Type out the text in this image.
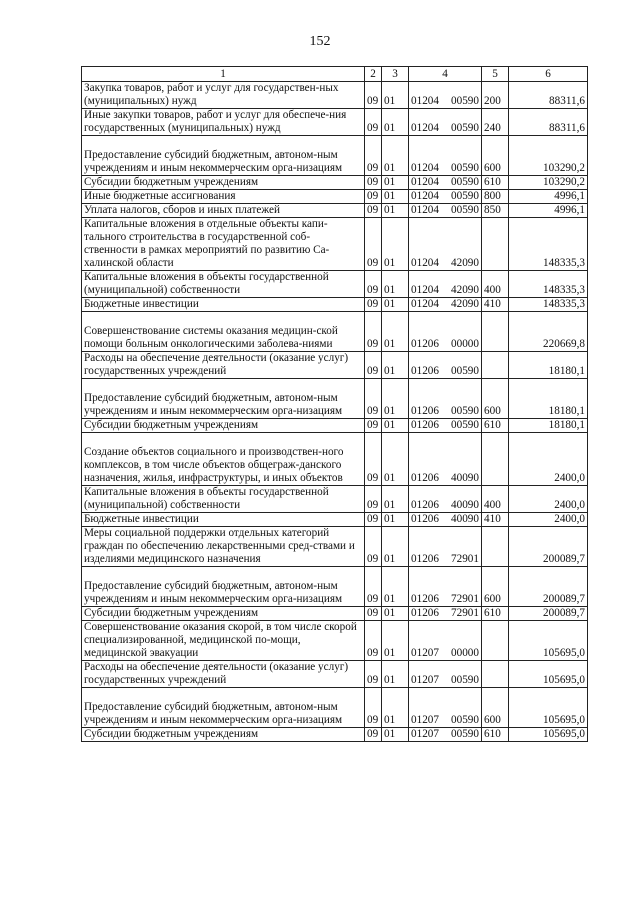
152
1	2	3	4	5	6
Закупка товаров, работ и услуг для государствен-ных (муниципальных) нужд	09	01	01204 00590	200	88311,6
Иные закупки товаров, работ и услуг для обеспече-ния государственных (муниципальных) нужд	09	01	01204 00590	240	88311,6
Предоставление субсидий бюджетным, автоном-ным учреждениям и иным некоммерческим орга-низациям	09	01	01204 00590	600	103290,2
Субсидии бюджетным учреждениям	09	01	01204 00590	610	103290,2
Иные бюджетные ассигнования	09	01	01204 00590	800	4996,1
Уплата налогов, сборов и иных платежей	09	01	01204 00590	850	4996,1
Капитальные вложения в отдельные объекты капи-тального строительства в государственной соб-ственности в рамках мероприятий по развитию Са-халинской области	09	01	01204 42090		148335,3
Капитальные вложения в объекты государственной (муниципальной) собственности	09	01	01204 42090	400	148335,3
Бюджетные инвестиции	09	01	01204 42090	410	148335,3
Совершенствование системы оказания медицин-ской помощи больным онкологическими заболева-ниями	09	01	01206 00000		220669,8
Расходы на обеспечение деятельности (оказание услуг) государственных учреждений	09	01	01206 00590		18180,1
Предоставление субсидий бюджетным, автоном-ным учреждениям и иным некоммерческим орга-низациям	09	01	01206 00590	600	18180,1
Субсидии бюджетным учреждениям	09	01	01206 00590	610	18180,1
Создание объектов социального и производствен-ного комплексов, в том числе объектов общеграж-данского назначения, жилья, инфраструктуры, и иных объектов	09	01	01206 40090		2400,0
Капитальные вложения в объекты государственной (муниципальной) собственности	09	01	01206 40090	400	2400,0
Бюджетные инвестиции	09	01	01206 40090	410	2400,0
Меры социальной поддержки отдельных категорий граждан по обеспечению лекарственными сред-ствами и изделиями медицинского назначения	09	01	01206 72901		200089,7
Предоставление субсидий бюджетным, автоном-ным учреждениям и иным некоммерческим орга-низациям	09	01	01206 72901	600	200089,7
Субсидии бюджетным учреждениям	09	01	01206 72901	610	200089,7
Совершенствование оказания скорой, в том числе скорой специализированной, медицинской по-мощи, медицинской эвакуации	09	01	01207 00000		105695,0
Расходы на обеспечение деятельности (оказание услуг) государственных учреждений	09	01	01207 00590		105695,0
Предоставление субсидий бюджетным, автоном-ным учреждениям и иным некоммерческим орга-низациям	09	01	01207 00590	600	105695,0
Субсидии бюджетным учреждениям	09	01	01207 00590	610	105695,0
